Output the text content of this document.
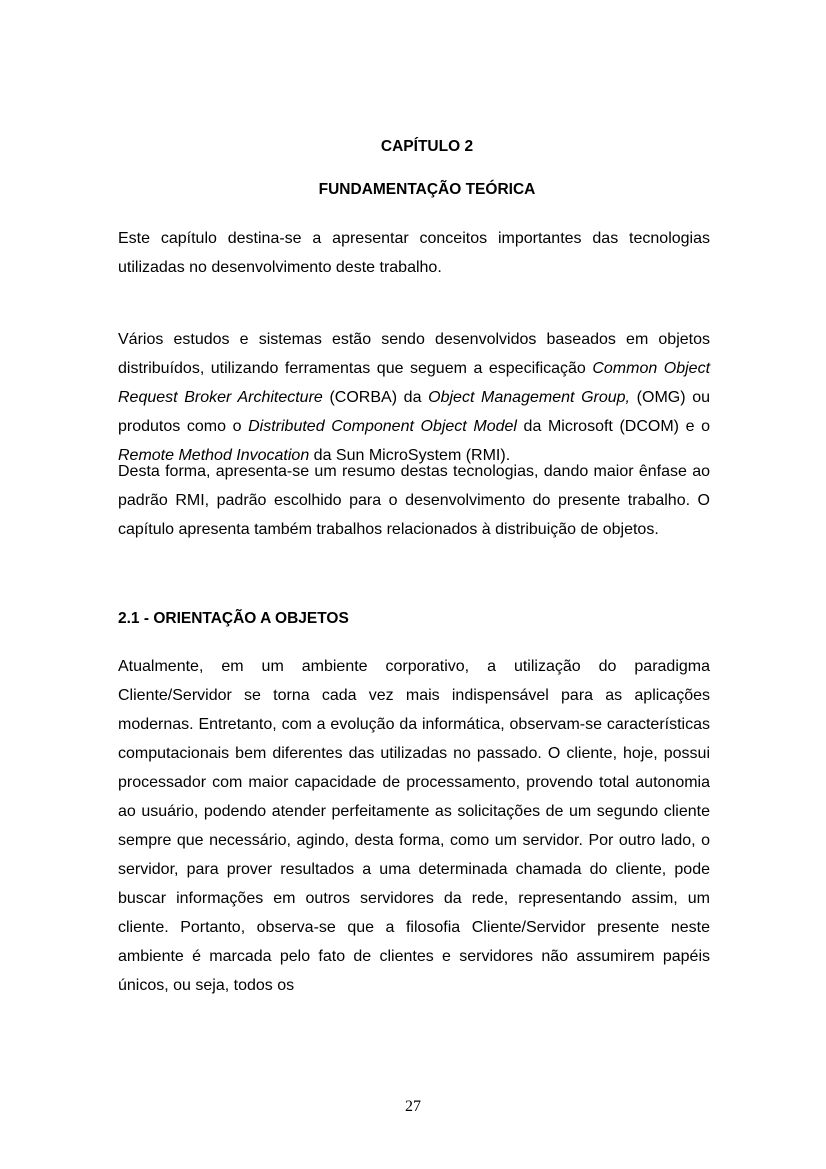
CAPÍTULO 2
FUNDAMENTAÇÃO TEÓRICA

Este capítulo destina-se a apresentar conceitos importantes das tecnologias utilizadas no desenvolvimento deste trabalho.

Vários estudos e sistemas estão sendo desenvolvidos baseados em objetos distribuídos, utilizando ferramentas que seguem a especificação Common Object Request Broker Architecture (CORBA) da Object Management Group, (OMG) ou produtos como o Distributed Component Object Model da Microsoft (DCOM) e o Remote Method Invocation da Sun MicroSystem (RMI).

Desta forma, apresenta-se um resumo destas tecnologias, dando maior ênfase ao padrão RMI, padrão escolhido para o desenvolvimento do presente trabalho. O capítulo apresenta também trabalhos relacionados à distribuição de objetos.

2.1 - ORIENTAÇÃO A OBJETOS

Atualmente, em um ambiente corporativo, a utilização do paradigma Cliente/Servidor se torna cada vez mais indispensável para as aplicações modernas. Entretanto, com a evolução da informática, observam-se características computacionais bem diferentes das utilizadas no passado. O cliente, hoje, possui processador com maior capacidade de processamento, provendo total autonomia ao usuário, podendo atender perfeitamente as solicitações de um segundo cliente sempre que necessário, agindo, desta forma, como um servidor. Por outro lado, o servidor, para prover resultados a uma determinada chamada do cliente, pode buscar informações em outros servidores da rede, representando assim, um cliente. Portanto, observa-se que a filosofia Cliente/Servidor presente neste ambiente é marcada pelo fato de clientes e servidores não assumirem papéis únicos, ou seja, todos os

27
